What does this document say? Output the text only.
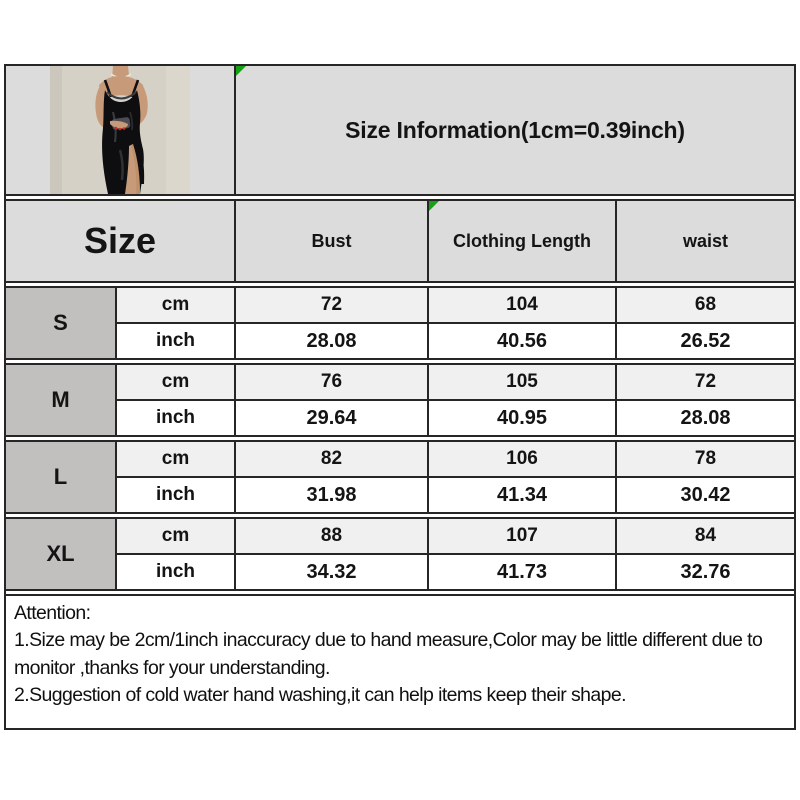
Size Information(1cm=0.39inch)
Size	Bust	Clothing Length	waist
S
cm	72	104	68
inch	28.08	40.56	26.52
M
cm	76	105	72
inch	29.64	40.95	28.08
L
cm	82	106	78
inch	31.98	41.34	30.42
XL
cm	88	107	84
inch	34.32	41.73	32.76

Attention:

1.Size may be 2cm/1inch inaccuracy due to hand measure,Color may be little different due to monitor ,thanks for your understanding.

2.Suggestion of cold water hand washing,it can help items keep their shape.
